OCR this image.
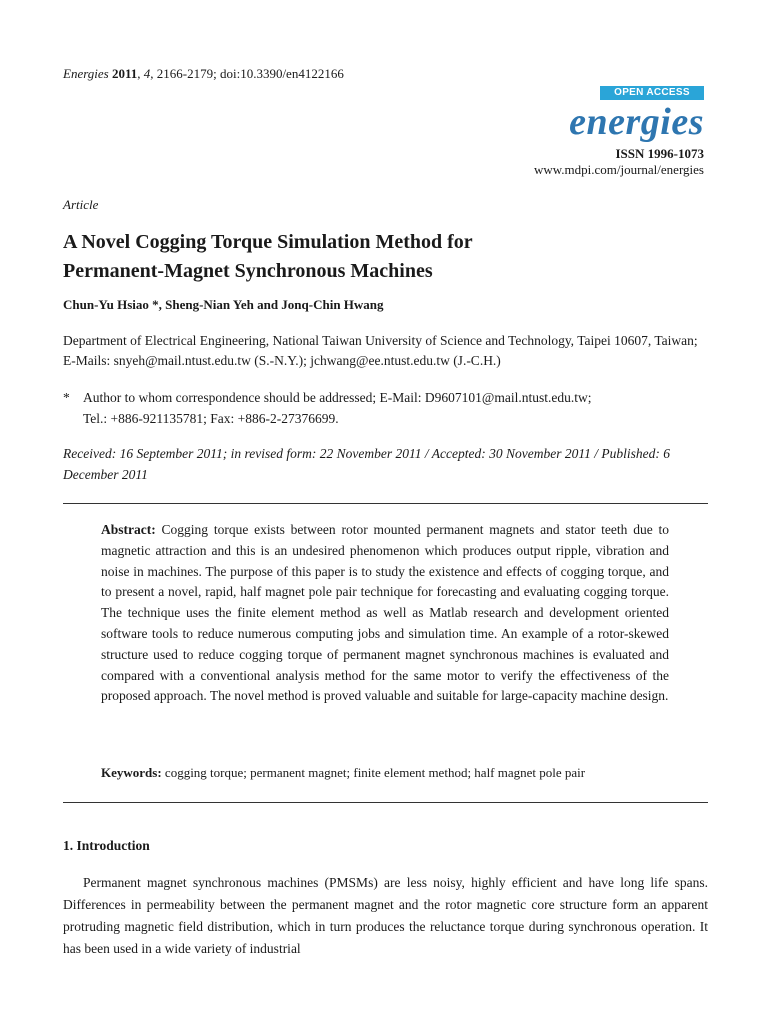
Energies 2011, 4, 2166-2179; doi:10.3390/en4122166
OPEN ACCESS
energies
ISSN 1996-1073
www.mdpi.com/journal/energies
Article
A Novel Cogging Torque Simulation Method for
Permanent-Magnet Synchronous Machines
Chun-Yu Hsiao *, Sheng-Nian Yeh and Jonq-Chin Hwang
Department of Electrical Engineering, National Taiwan University of Science and Technology, Taipei 10607, Taiwan; E-Mails: snyeh@mail.ntust.edu.tw (S.-N.Y.); jchwang@ee.ntust.edu.tw (J.-C.H.)
* Author to whom correspondence should be addressed; E-Mail: D9607101@mail.ntust.edu.tw;
Tel.: +886-921135781; Fax: +886-2-27376699.
Received: 16 September 2011; in revised form: 22 November 2011 / Accepted: 30 November 2011 / Published: 6 December 2011
Abstract: Cogging torque exists between rotor mounted permanent magnets and stator teeth due to magnetic attraction and this is an undesired phenomenon which produces output ripple, vibration and noise in machines. The purpose of this paper is to study the existence and effects of cogging torque, and to present a novel, rapid, half magnet pole pair technique for forecasting and evaluating cogging torque. The technique uses the finite element method as well as Matlab research and development oriented software tools to reduce numerous computing jobs and simulation time. An example of a rotor-skewed structure used to reduce cogging torque of permanent magnet synchronous machines is evaluated and compared with a conventional analysis method for the same motor to verify the effectiveness of the proposed approach. The novel method is proved valuable and suitable for large-capacity machine design.
Keywords: cogging torque; permanent magnet; finite element method; half magnet pole pair
1. Introduction
Permanent magnet synchronous machines (PMSMs) are less noisy, highly efficient and have long life spans. Differences in permeability between the permanent magnet and the rotor magnetic core structure form an apparent protruding magnetic field distribution, which in turn produces the reluctance torque during synchronous operation. It has been used in a wide variety of industrial
